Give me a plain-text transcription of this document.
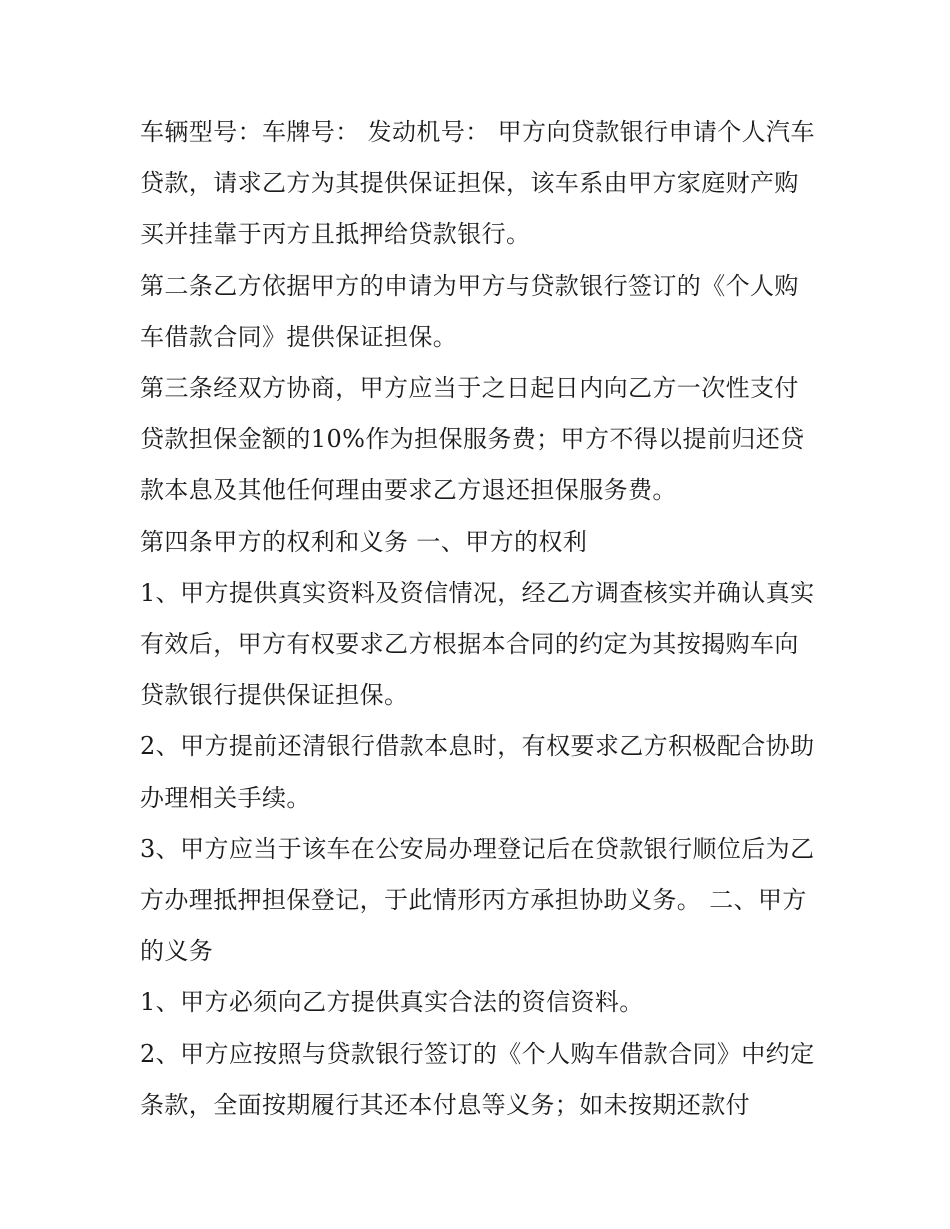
车辆型号：车牌号： 发动机号： 甲方向贷款银行申请个人汽车贷款，请求乙方为其提供保证担保，该车系由甲方家庭财产购买并挂靠于丙方且抵押给贷款银行。

第二条乙方依据甲方的申请为甲方与贷款银行签订的《个人购车借款合同》提供保证担保。

第三条经双方协商，甲方应当于之日起日内向乙方一次性支付贷款担保金额的10%作为担保服务费；甲方不得以提前归还贷款本息及其他任何理由要求乙方退还担保服务费。

第四条甲方的权利和义务 一、甲方的权利

1、甲方提供真实资料及资信情况，经乙方调查核实并确认真实有效后，甲方有权要求乙方根据本合同的约定为其按揭购车向贷款银行提供保证担保。

2、甲方提前还清银行借款本息时，有权要求乙方积极配合协助办理相关手续。

3、甲方应当于该车在公安局办理登记后在贷款银行顺位后为乙方办理抵押担保登记，于此情形丙方承担协助义务。 二、甲方的义务

1、甲方必须向乙方提供真实合法的资信资料。

2、甲方应按照与贷款银行签订的《个人购车借款合同》中约定条款，全面按期履行其还本付息等义务；如未按期还款付
